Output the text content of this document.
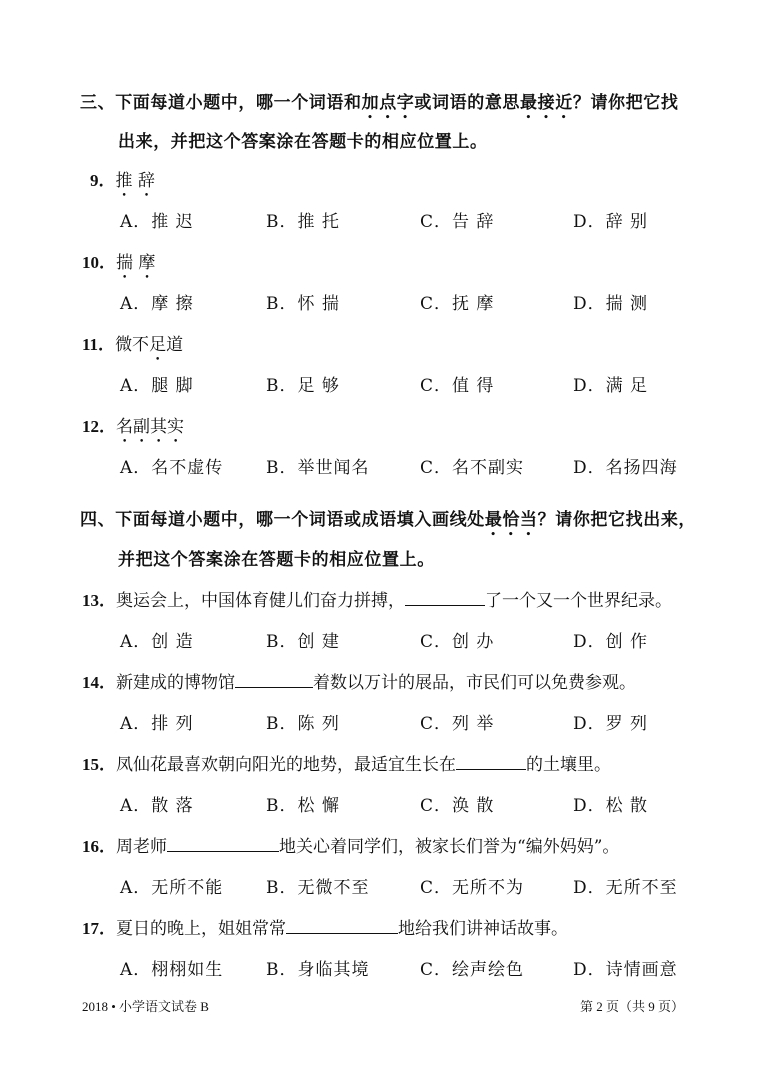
三、下面每道小题中，哪一个词语和加点字或词语的意思最接近？请你把它找
出来，并把这个答案涂在答题卡的相应位置上。
9．推 辞
A．推 迟	B．推 托	C．告 辞	D．辞 别
10．揣 摩
A．摩 擦	B．怀 揣	C．抚 摩	D．揣 测
11．微不足道
A．腿 脚	B．足 够	C．值 得	D．满 足
12．名副其实
A．名不虚传	B．举世闻名	C．名不副实	D．名扬四海
四、下面每道小题中，哪一个词语或成语填入画线处最恰当？请你把它找出来，
并把这个答案涂在答题卡的相应位置上。
13．奥运会上，中国体育健儿们奋力拼搏，	了一个又一个世界纪录。
A．创 造	B．创 建	C．创 办	D．创 作
14．新建成的博物馆	着数以万计的展品，市民们可以免费参观。
A．排 列	B．陈 列	C．列 举	D．罗 列
15．凤仙花最喜欢朝向阳光的地势，最适宜生长在	的土壤里。
A．散 落	B．松 懈	C．涣 散	D．松 散
16．周老师	地关心着同学们，被家长们誉为“编外妈妈”。
A．无所不能	B．无微不至	C．无所不为	D．无所不至
17．夏日的晚上，姐姐常常	地给我们讲神话故事。
A．栩栩如生	B．身临其境	C．绘声绘色	D．诗情画意
2018 • 小学语文试卷 B	第 2 页（共 9 页）
